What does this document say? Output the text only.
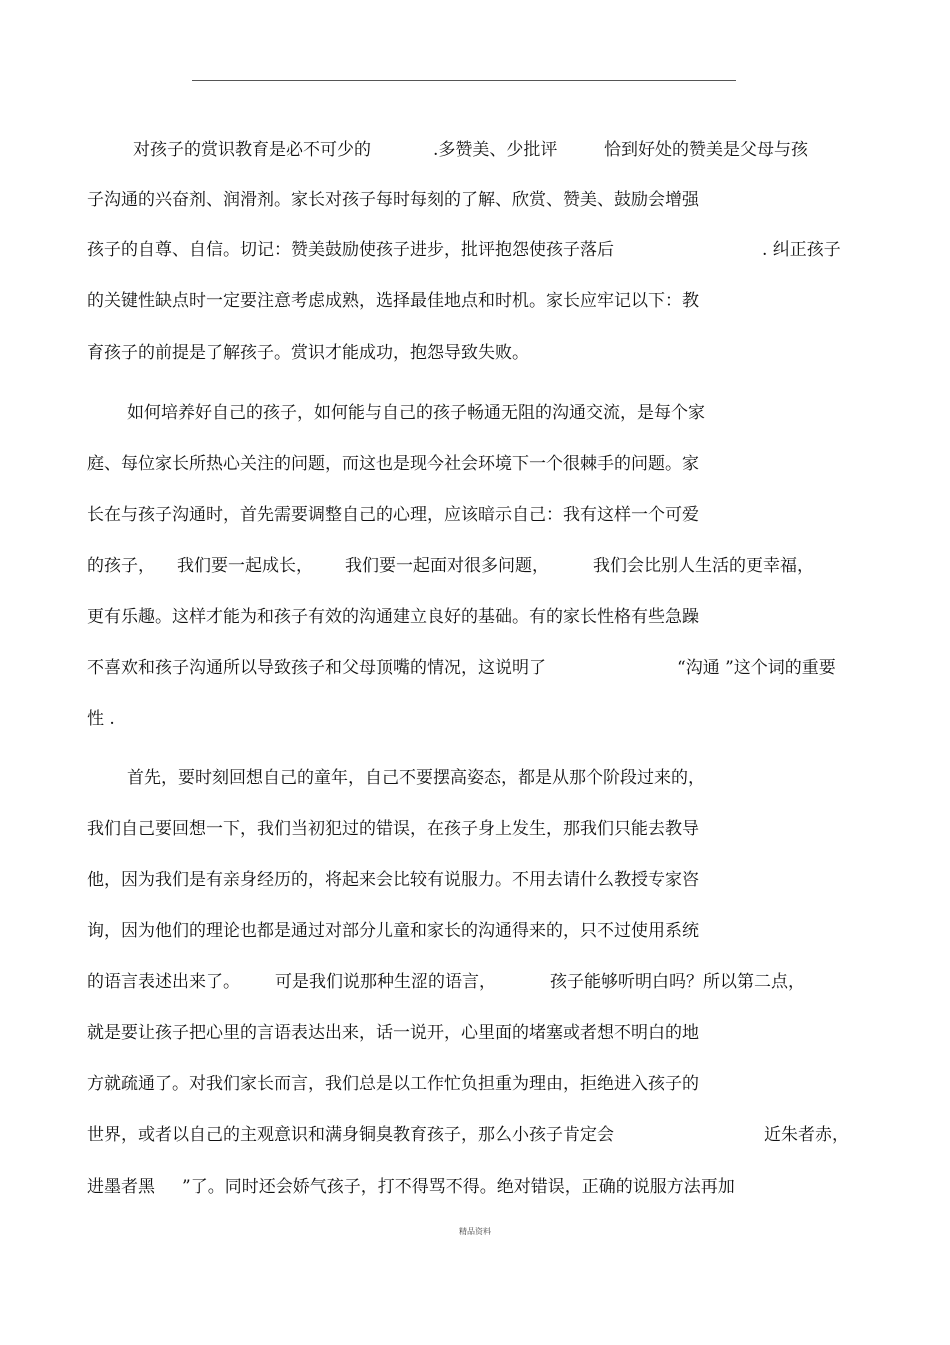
对孩子的赏识教育是必不可少的	.多赞美、少批评	恰到好处的赞美是父母与孩
子沟通的兴奋剂、润滑剂。家长对孩子每时每刻的了解、欣赏、赞美、鼓励会增强
孩子的自尊、自信。切记：赞美鼓励使孩子进步，批评抱怨使孩子落后	. 纠正孩子
的关键性缺点时一定要注意考虑成熟，选择最佳地点和时机。家长应牢记以下：教
育孩子的前提是了解孩子。赏识才能成功，抱怨导致失败。
如何培养好自己的孩子，如何能与自己的孩子畅通无阻的沟通交流，是每个家
庭、每位家长所热心关注的问题，而这也是现今社会环境下一个很棘手的问题。家
长在与孩子沟通时，首先需要调整自己的心理，应该暗示自己：我有这样一个可爱
的孩子， 我们要一起成长， 我们要一起面对很多问题，	我们会比别人生活的更幸福，
更有乐趣。这样才能为和孩子有效的沟通建立良好的基础。有的家长性格有些急躁
不喜欢和孩子沟通所以导致孩子和父母顶嘴的情况，这说明了	“沟通 ”这个词的重要
性 .
首先，要时刻回想自己的童年，自己不要摆高姿态，都是从那个阶段过来的，
我们自己要回想一下，我们当初犯过的错误，在孩子身上发生，那我们只能去教导
他，因为我们是有亲身经历的，将起来会比较有说服力。不用去请什么教授专家咨
询，因为他们的理论也都是通过对部分儿童和家长的沟通得来的，只不过使用系统
的语言表述出来了。 可是我们说那种生涩的语言，	孩子能够听明白吗？所以第二点，
就是要让孩子把心里的言语表达出来，话一说开，心里面的堵塞或者想不明白的地
方就疏通了。对我们家长而言，我们总是以工作忙负担重为理由，拒绝进入孩子的
世界，或者以自己的主观意识和满身铜臭教育孩子，那么小孩子肯定会	近朱者赤，
进墨者黑 ”了。同时还会娇气孩子，打不得骂不得。绝对错误，正确的说服方法再加
精品资料
